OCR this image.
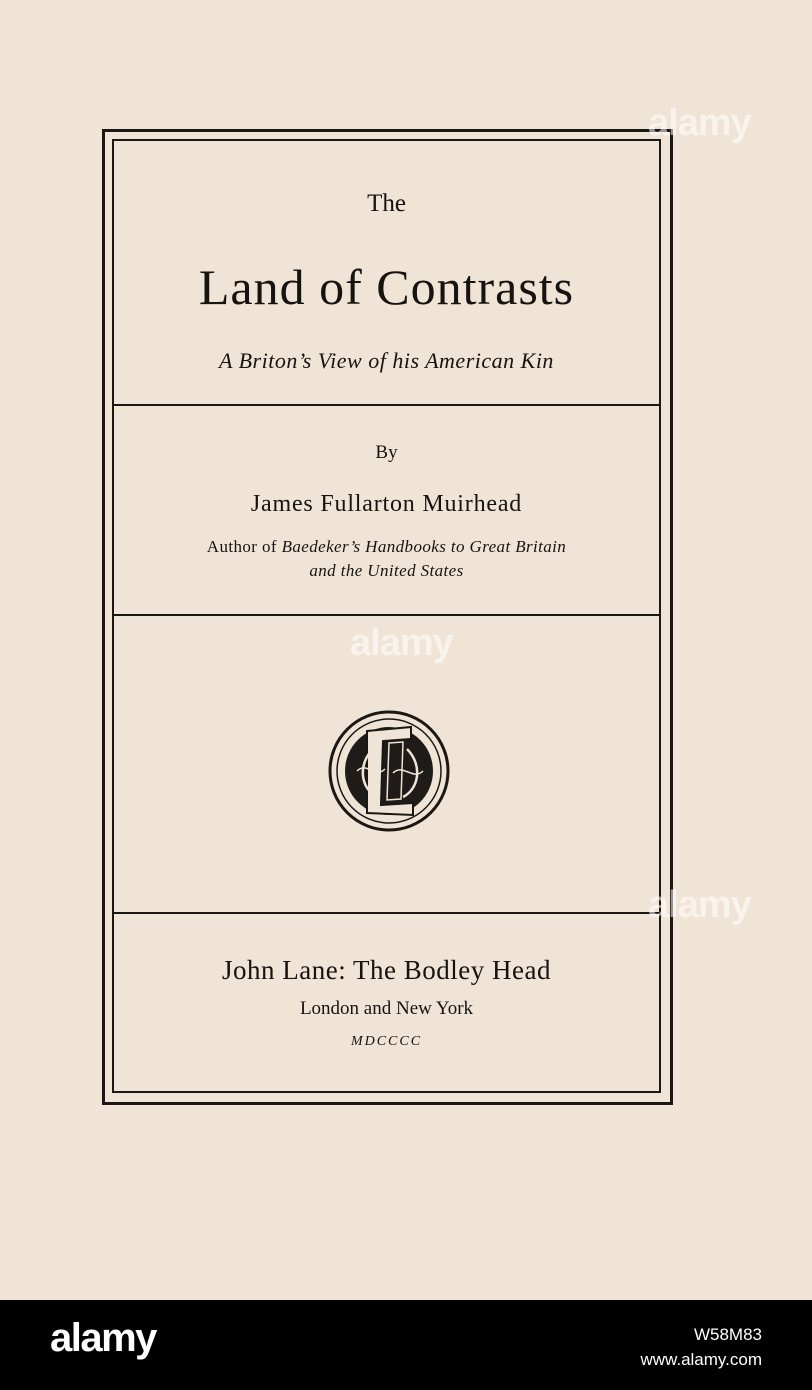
The
Land of Contrasts
A Briton’s View of his American Kin
By
James Fullarton Muirhead
Author of Baedeker’s Handbooks to Great Britain
and the United States
John Lane: The Bodley Head
London and New York
MDCCCC
alamy
alamy
alamy
alamy	W58M83
www.alamy.com
